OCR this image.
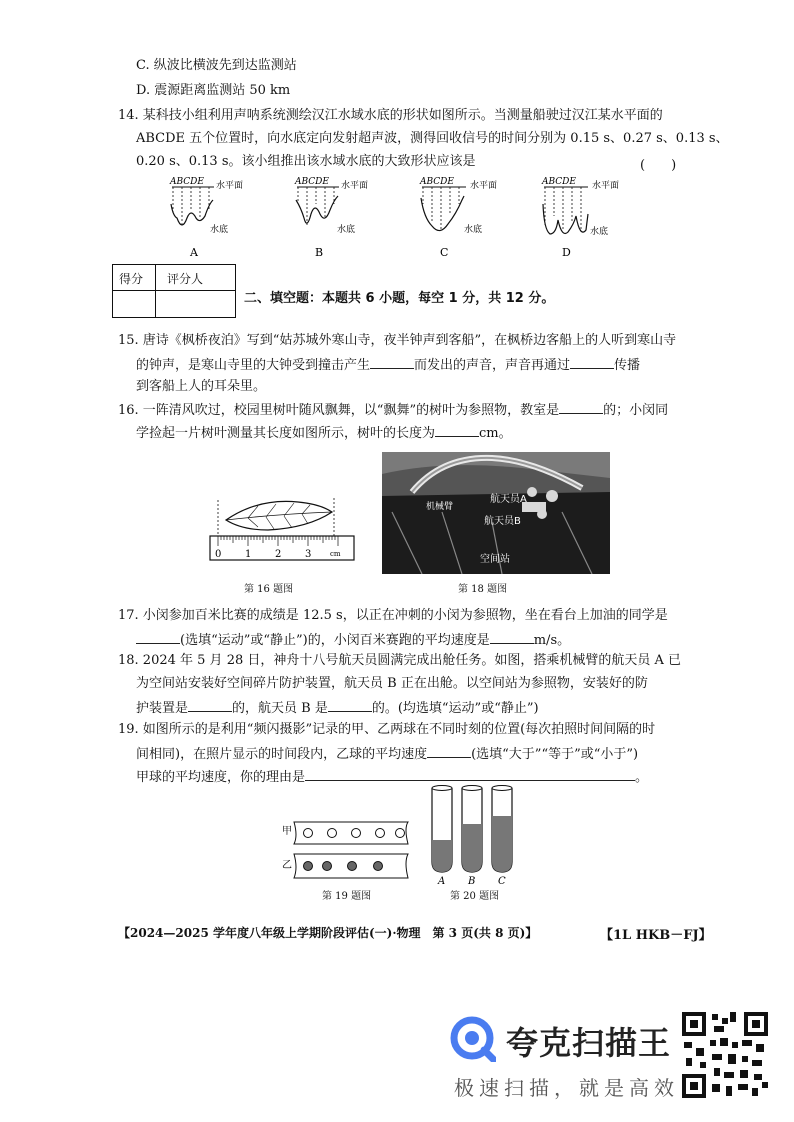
C. 纵波比横波先到达监测站
D. 震源距离监测站 50 km
14. 某科技小组利用声呐系统测绘汉江水域水底的形状如图所示。当测量船驶过汉江某水平面的
ABCDE 五个位置时，向水底定向发射超声波，测得回收信号的时间分别为 0.15 s、0.27 s、0.13 s、
0.20 s、0.13 s。该小组推出该水域水底的大致形状应该是	(　　)
ABCDE 水平面
水底
A
ABCDE 水平面
水底
B
ABCDE 水平面
水底
C
ABCDE 水平面
水底
D
得分 评分人
二、填空题：本题共 6 小题，每空 1 分，共 12 分。
15. 唐诗《枫桥夜泊》写到“姑苏城外寒山寺，夜半钟声到客船”，在枫桥边客船上的人听到寒山寺
的钟声，是寒山寺里的大钟受到撞击产生	而发出的声音，声音再通过	传播
到客船上人的耳朵里。
16. 一阵清风吹过，校园里树叶随风飘舞，以“飘舞”的树叶为参照物，教室是	的；小闵同
学捡起一片树叶测量其长度如图所示，树叶的长度为	cm。
0 1 2 3	cm
第 16 题图
机械臂
航天员A
航天员B
空间站
第 18 题图
17. 小闵参加百米比赛的成绩是 12.5 s，以正在冲刺的小闵为参照物，坐在看台上加油的同学是
(选填“运动”或“静止”)的，小闵百米赛跑的平均速度是	m/s。
18. 2024 年 5 月 28 日，神舟十八号航天员圆满完成出舱任务。如图，搭乘机械臂的航天员 A 已
为空间站安装好空间碎片防护装置，航天员 B 正在出舱。以空间站为参照物，安装好的防
护装置是	的，航天员 B 是	的。(均选填“运动”或“静止”)
19. 如图所示的是利用“频闪摄影”记录的甲、乙两球在不同时刻的位置(每次拍照时间间隔的时
间相同)，在照片显示的时间段内，乙球的平均速度	(选填“大于”“等于”或“小于”)
甲球的平均速度，你的理由是	。
甲
乙
第 19 题图
A B C
第 20 题图
【2024—2025 学年度八年级上学期阶段评估(一)·物理　第 3 页(共 8 页)】	【1L HKB－FJ】
夸克扫描王
极速扫描，就是高效
